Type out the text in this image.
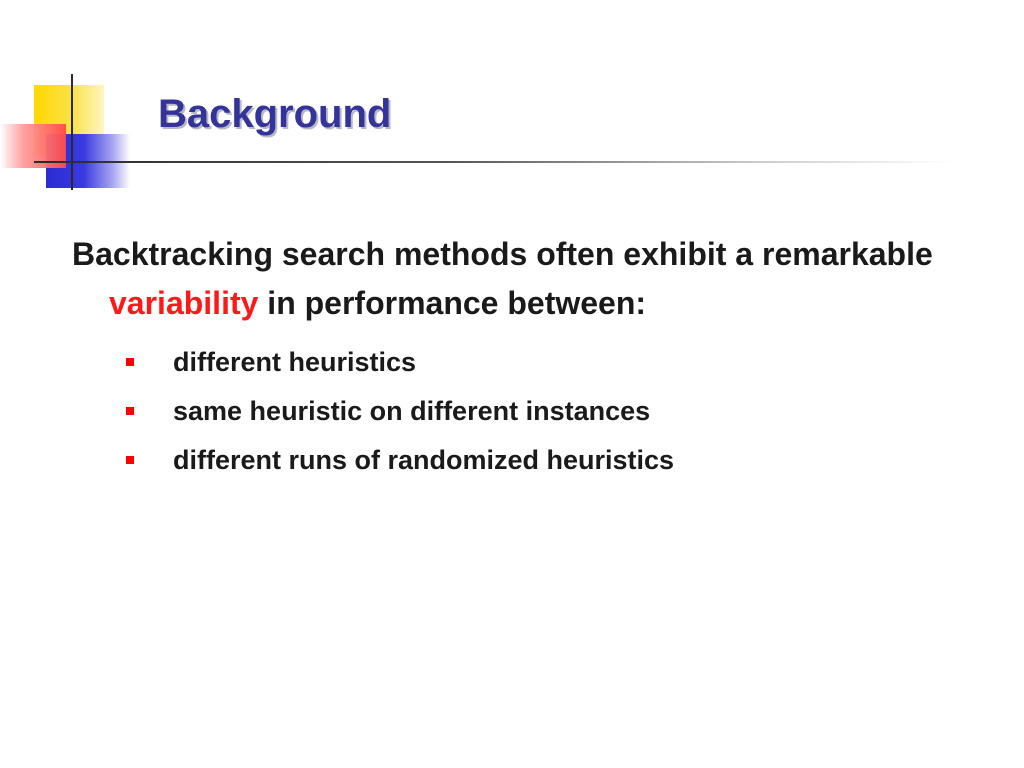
Background

Backtracking search methods often exhibit a remarkable variability in performance between:

different heuristics
same heuristic on different instances
different runs of randomized heuristics
